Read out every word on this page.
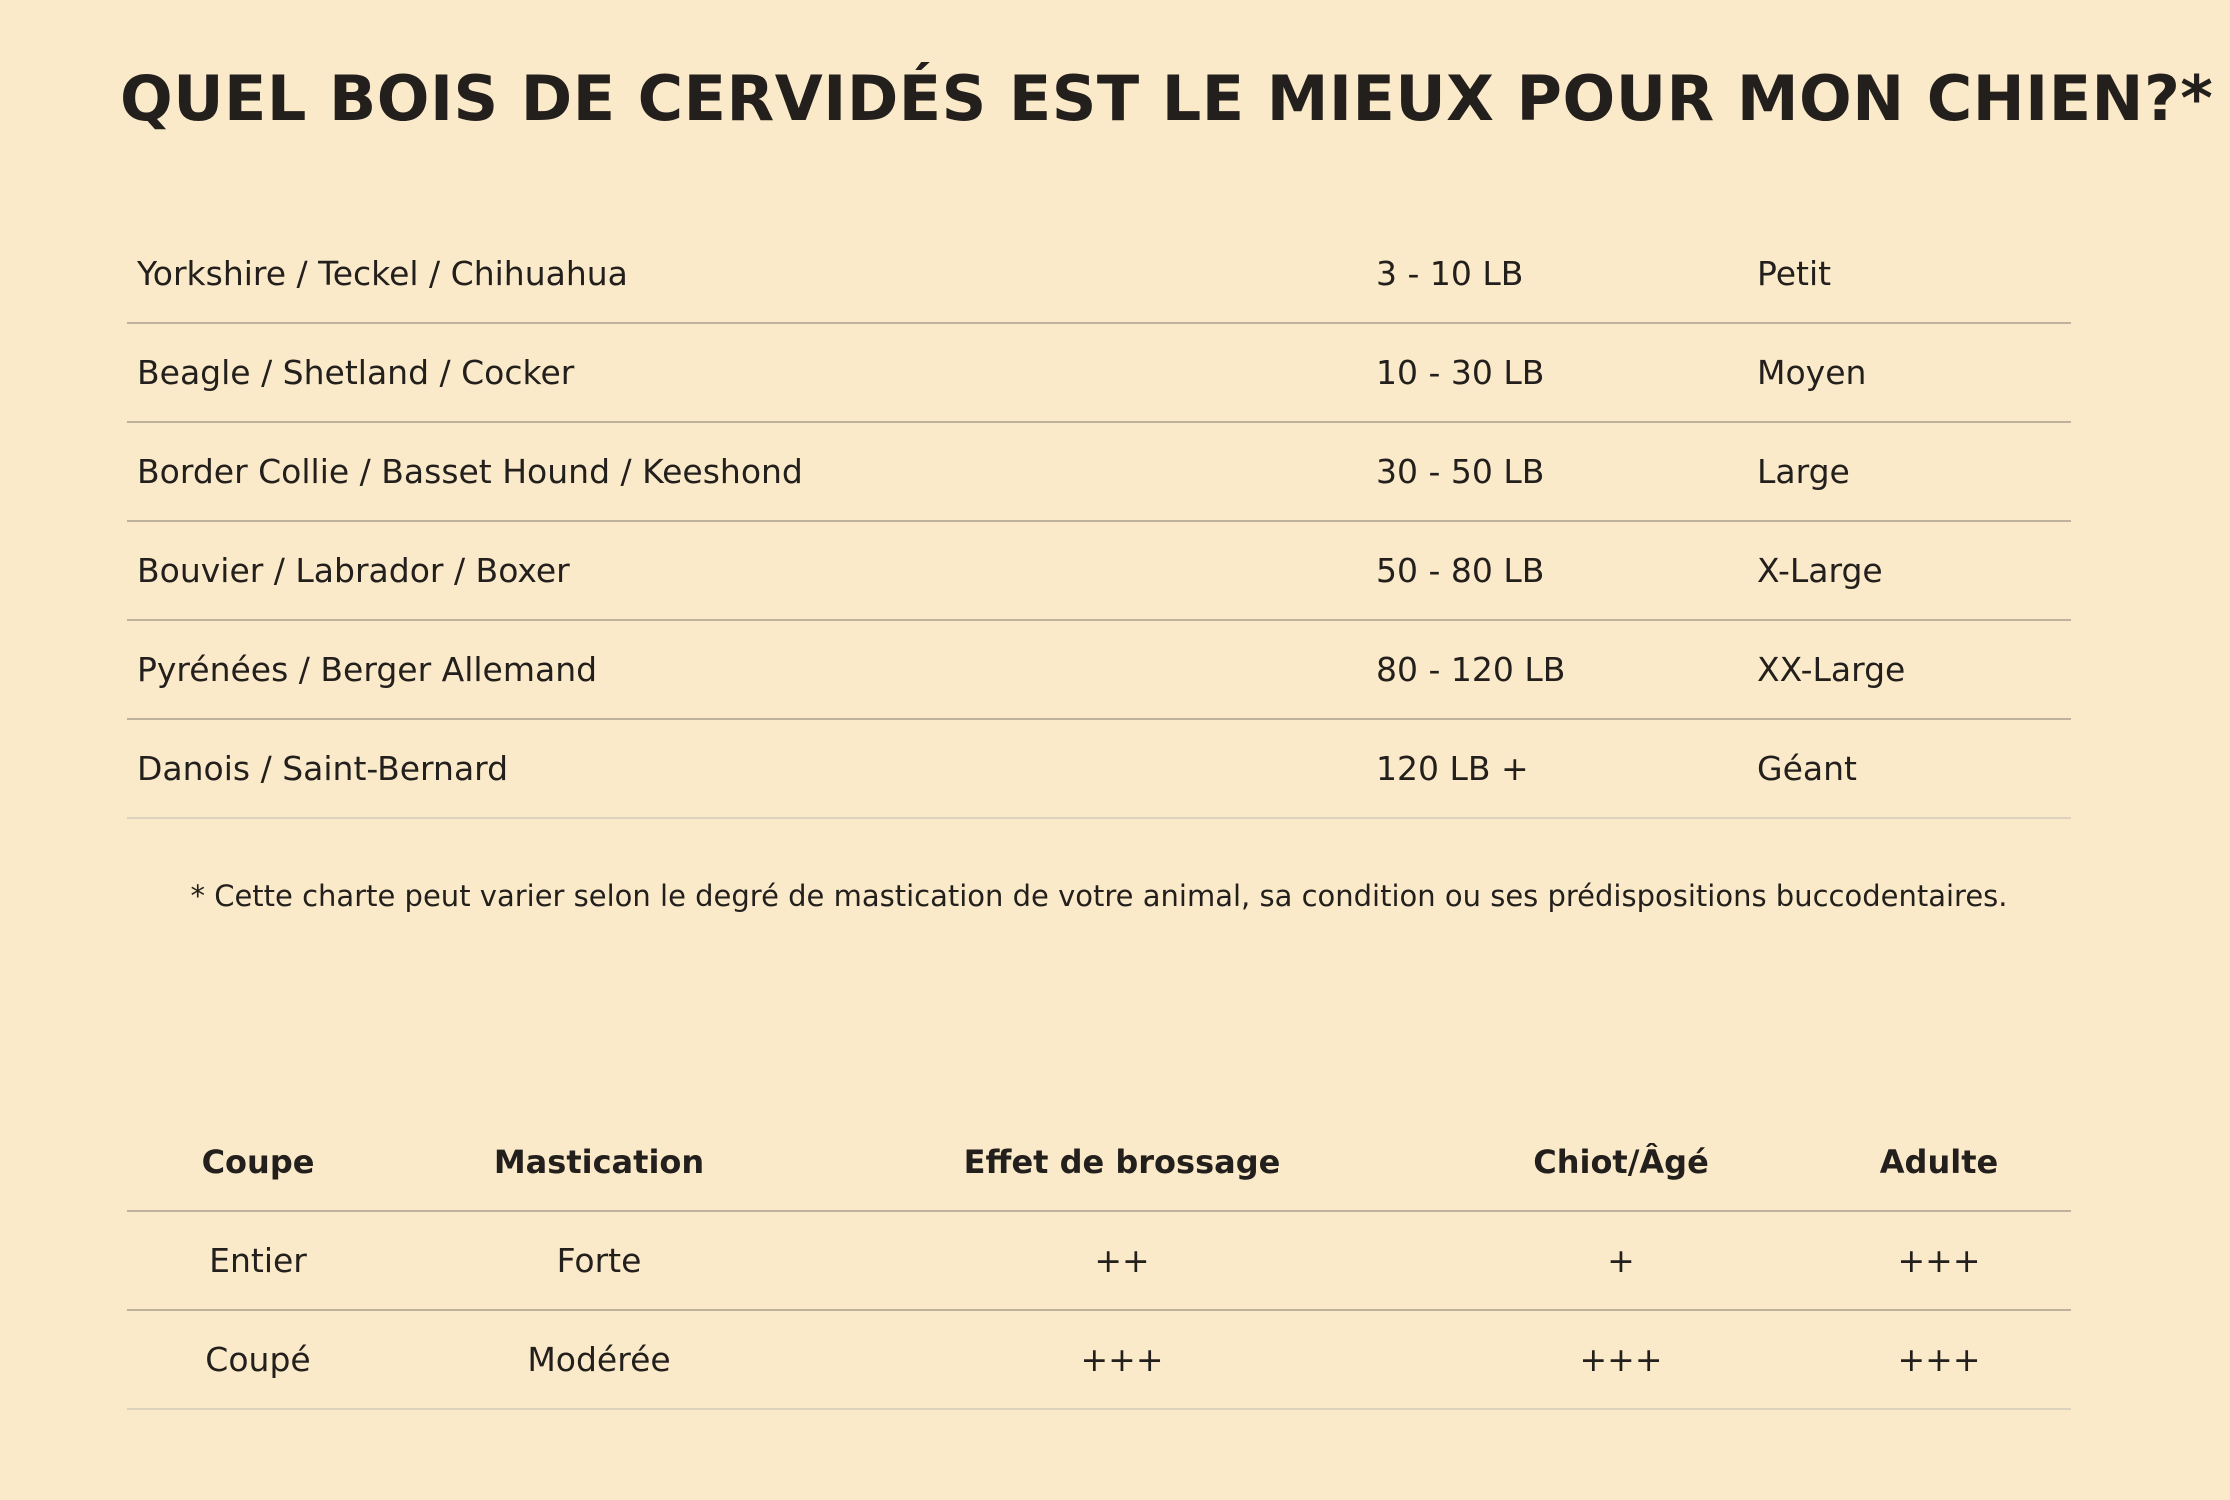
QUEL BOIS DE CERVIDÉS EST LE MIEUX POUR MON CHIEN?*
Yorkshire / Teckel / Chihuahua	3 - 10 LB	Petit
Beagle / Shetland / Cocker	10 - 30 LB	Moyen
Border Collie / Basset Hound / Keeshond	30 - 50 LB	Large
Bouvier / Labrador / Boxer	50 - 80 LB	X-Large
Pyrénées / Berger Allemand	80 - 120 LB	XX-Large
Danois / Saint-Bernard	120 LB +	Géant

* Cette charte peut varier selon le degré de mastication de votre animal, sa condition ou ses prédispositions buccodentaires.

Coupe	Mastication	Effet de brossage	Chiot/Âgé	Adulte
Entier	Forte	++	+	+++
Coupé	Modérée	+++	+++	+++
